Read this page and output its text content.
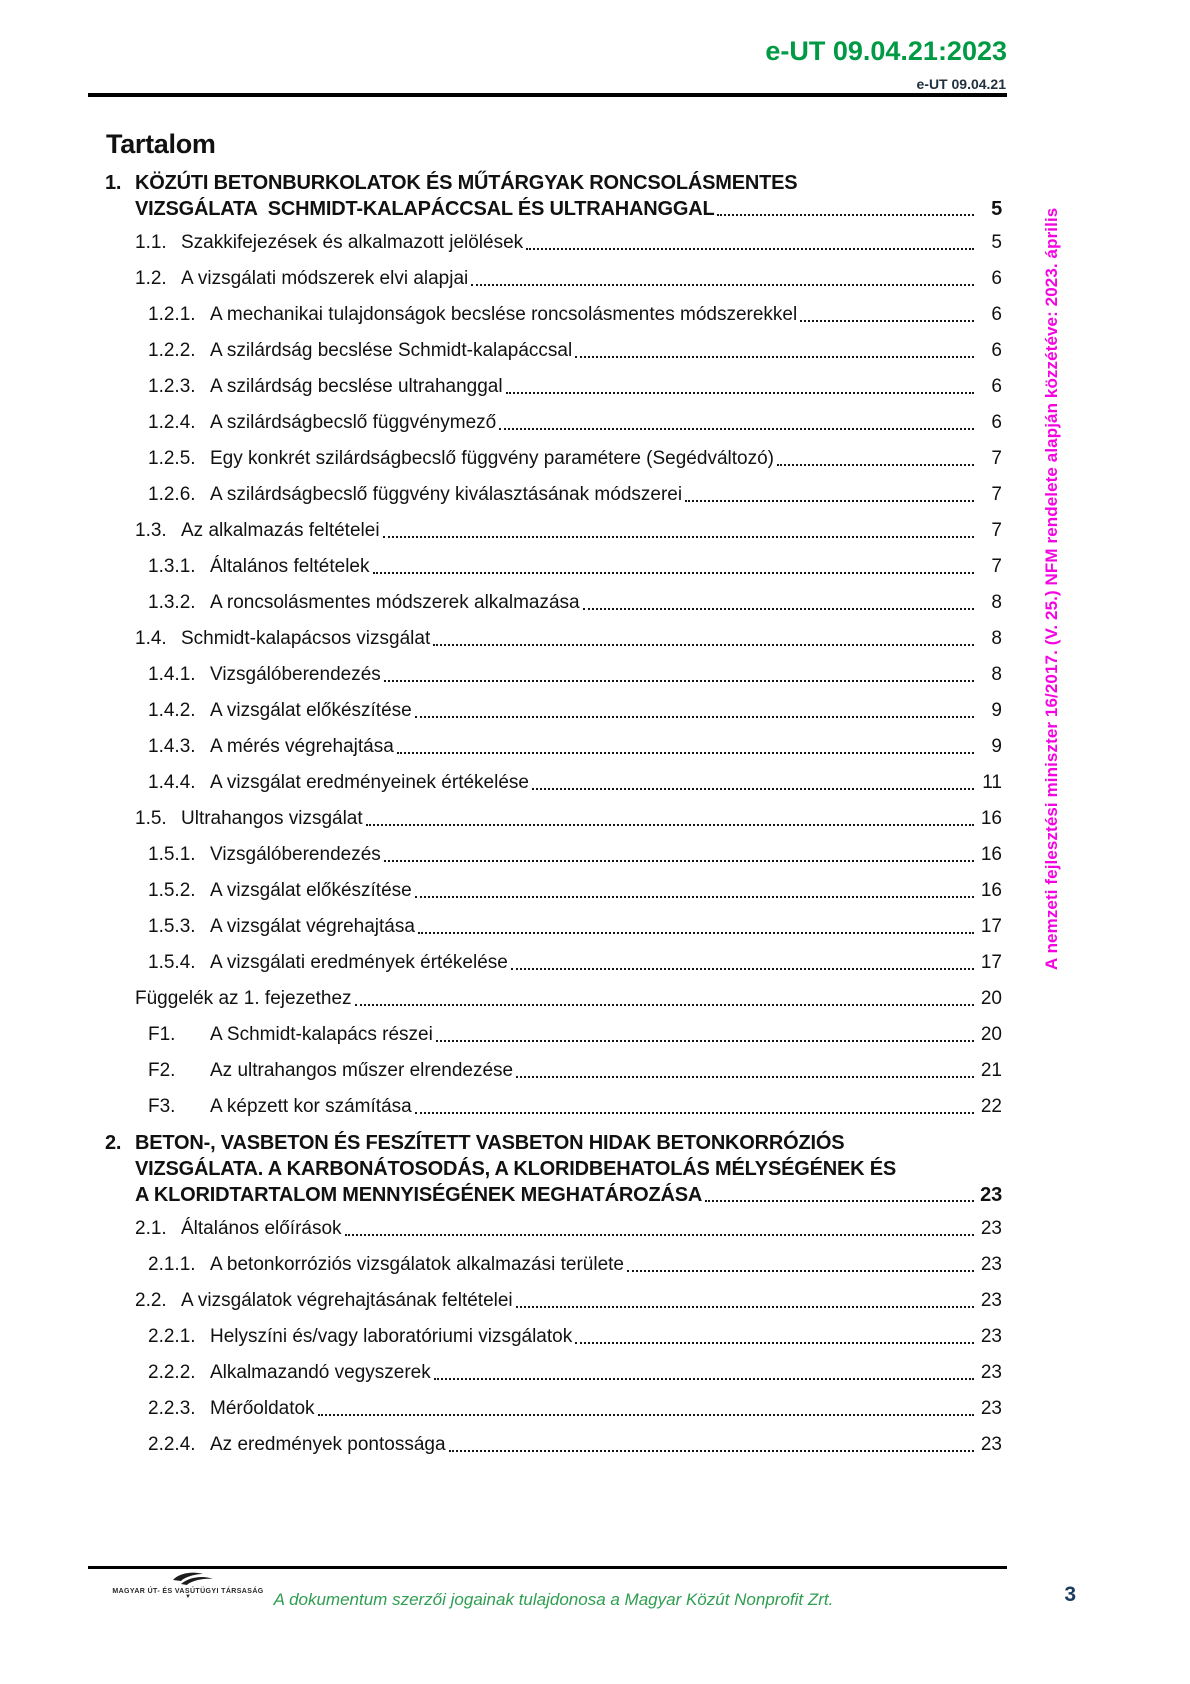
e-UT 09.04.21:2023
e-UT 09.04.21
Tartalom
1. KÖZÚTI BETONBURKOLATOK ÉS MŰTÁRGYAK RONCSOLÁSMENTES
VIZSGÁLATA  SCHMIDT-KALAPÁCCSAL ÉS ULTRAHANGGAL	5
1.1. Szakkifejezések és alkalmazott jelölések	5
1.2. A vizsgálati módszerek elvi alapjai	6
1.2.1. A mechanikai tulajdonságok becslése roncsolásmentes módszerekkel	6
1.2.2. A szilárdság becslése Schmidt-kalapáccsal	6
1.2.3. A szilárdság becslése ultrahanggal	6
1.2.4. A szilárdságbecslő függvénymező	6
1.2.5. Egy konkrét szilárdságbecslő függvény paramétere (Segédváltozó)	7
1.2.6. A szilárdságbecslő függvény kiválasztásának módszerei	7
1.3. Az alkalmazás feltételei	7
1.3.1. Általános feltételek	7
1.3.2. A roncsolásmentes módszerek alkalmazása	8
1.4. Schmidt-kalapácsos vizsgálat	8
1.4.1. Vizsgálóberendezés	8
1.4.2. A vizsgálat előkészítése	9
1.4.3. A mérés végrehajtása	9
1.4.4. A vizsgálat eredményeinek értékelése	11
1.5. Ultrahangos vizsgálat	16
1.5.1. Vizsgálóberendezés	16
1.5.2. A vizsgálat előkészítése	16
1.5.3. A vizsgálat végrehajtása	17
1.5.4. A vizsgálati eredmények értékelése	17
Függelék az 1. fejezethez	20
F1.	A Schmidt-kalapács részei	20
F2.	Az ultrahangos műszer elrendezése	21
F3.	A képzett kor számítása	22
2. BETON-, VASBETON ÉS FESZÍTETT VASBETON HIDAK BETONKORRÓZIÓS
VIZSGÁLATA. A KARBONÁTOSODÁS, A KLORIDBEHATOLÁS MÉLYSÉGÉNEK ÉS
A KLORIDTARTALOM MENNYISÉGÉNEK MEGHATÁROZÁSA	23
2.1. Általános előírások	23
2.1.1. A betonkorróziós vizsgálatok alkalmazási területe	23
2.2. A vizsgálatok végrehajtásának feltételei	23
2.2.1. Helyszíni és/vagy laboratóriumi vizsgálatok	23
2.2.2. Alkalmazandó vegyszerek	23
2.2.3. Mérőoldatok	23
2.2.4. Az eredmények pontossága	23
A nemzeti fejlesztési miniszter 16/2017. (V. 25.) NFM rendelete alapján közzétéve: 2023. április
MAGYAR ÚT- ÉS VASÚTÜGYI TÁRSASÁG
▼	A dokumentum szerzői jogainak tulajdonosa a Magyar Közút Nonprofit Zrt.	3
